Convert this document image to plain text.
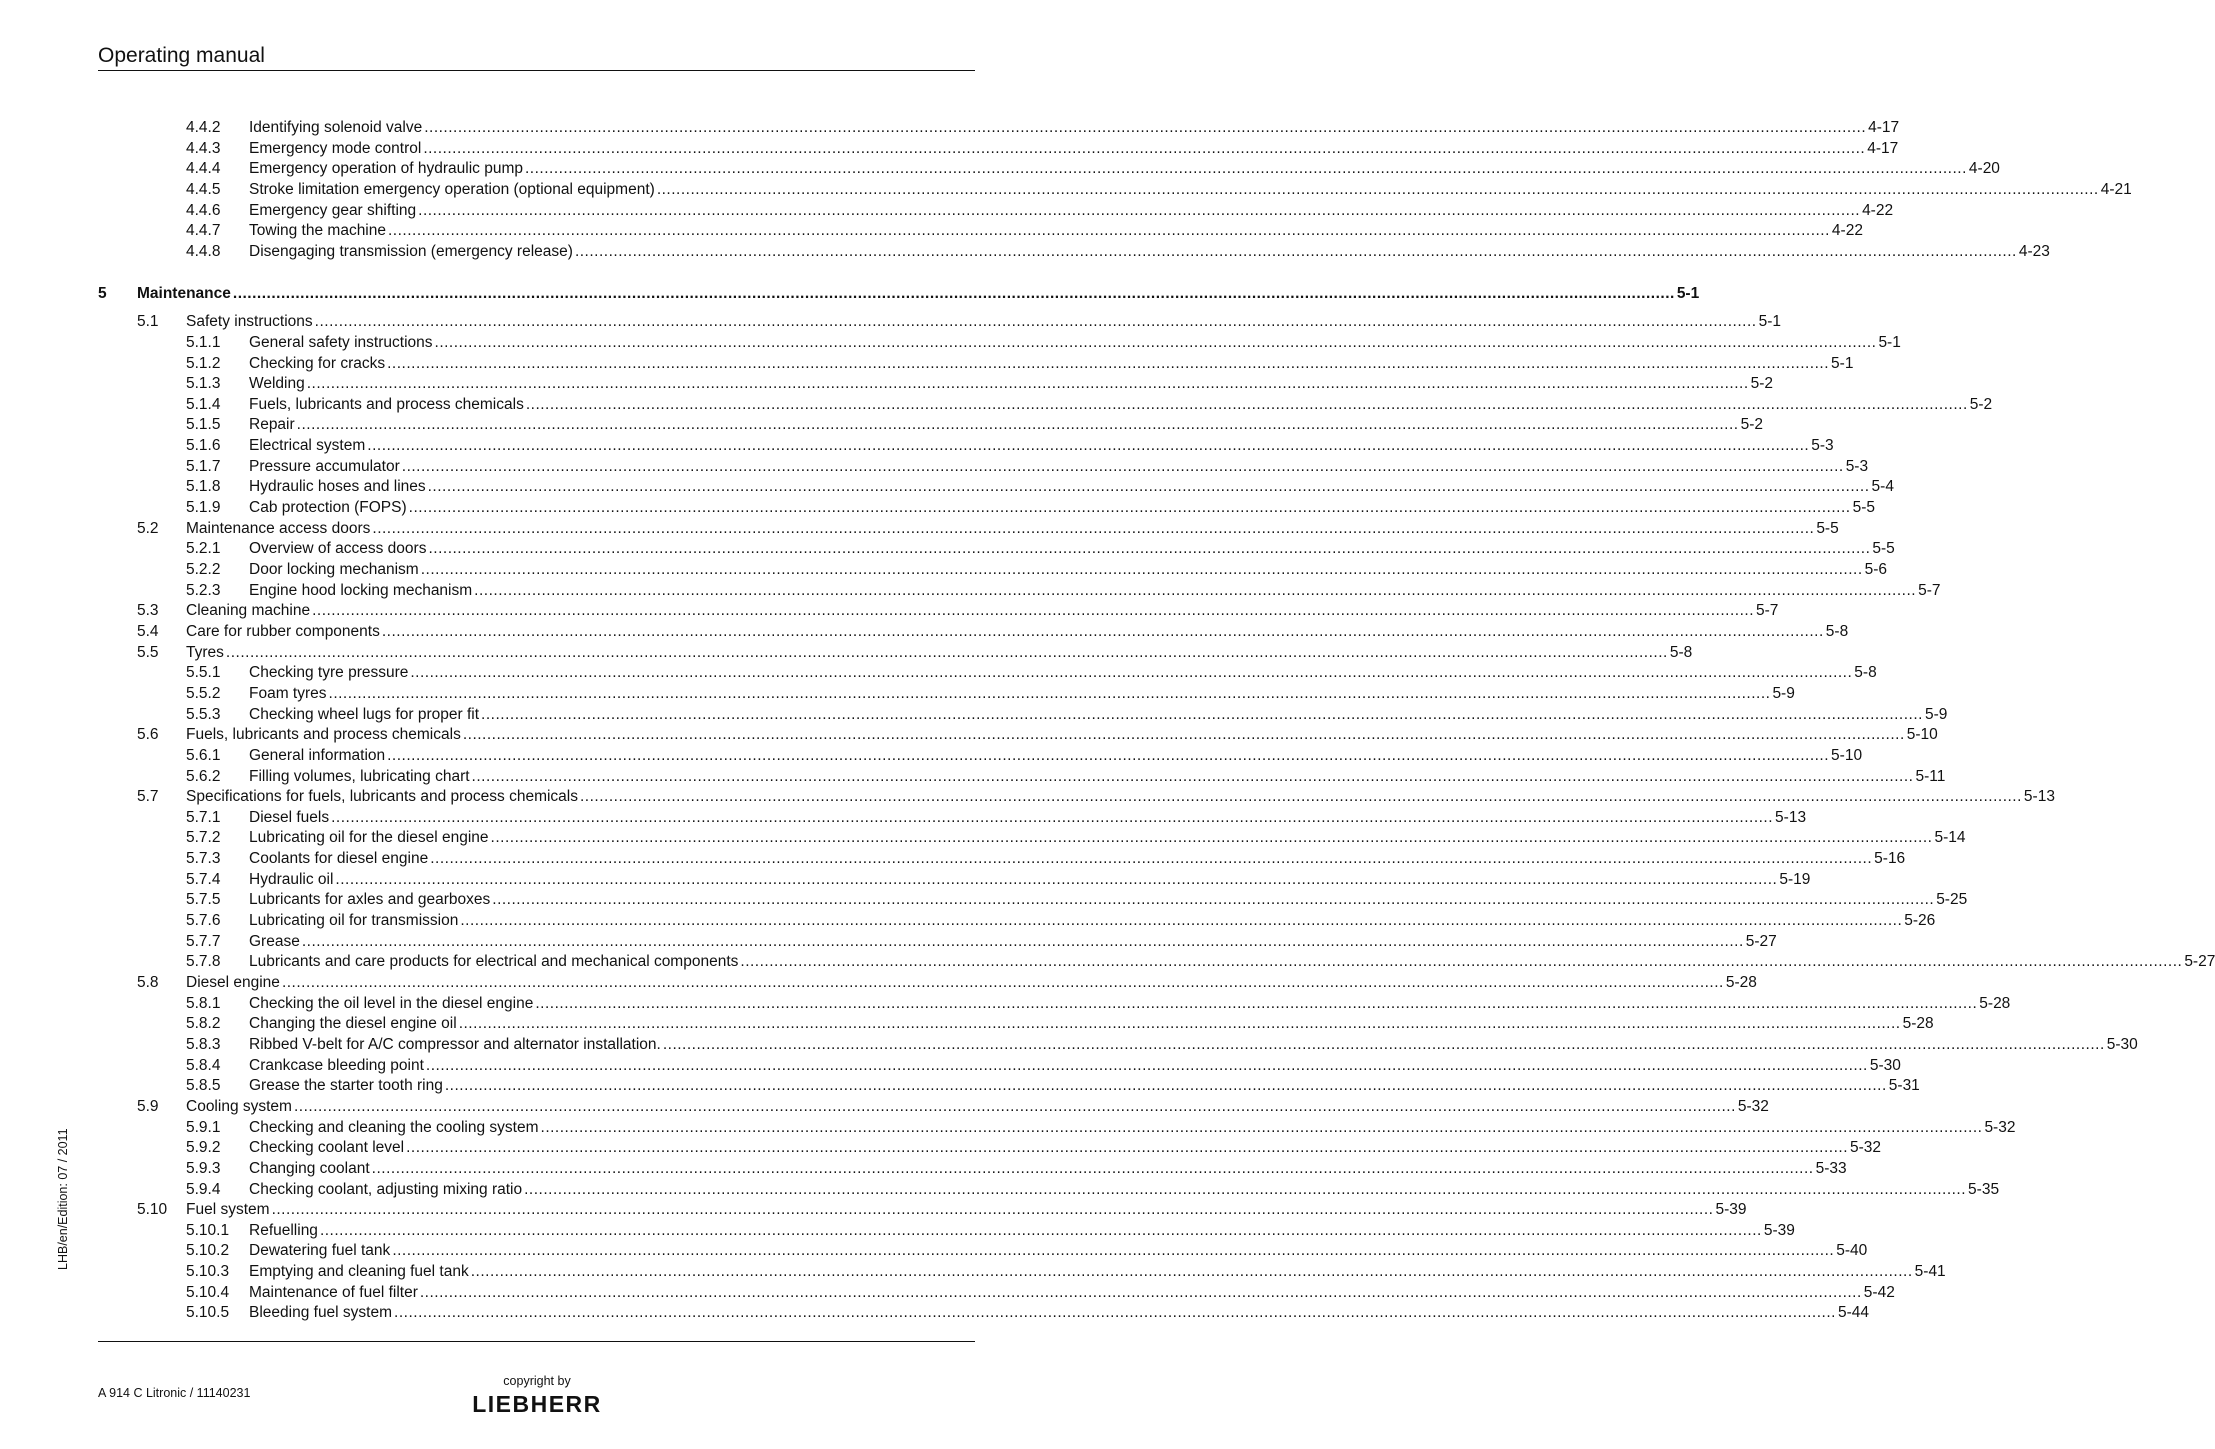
Operating manual
4.4.2 Identifying solenoid valve ............................................................................................................................................................................................................................................................................................................ 4-17
4.4.3 Emergency mode control ............................................................................................................................................................................................................................................................................................................ 4-17
4.4.4 Emergency operation of hydraulic pump ............................................................................................................................................................................................................................................................................................................ 4-20
4.4.5 Stroke limitation emergency operation (optional equipment) ............................................................................................................................................................................................................................................................................................................ 4-21
4.4.6 Emergency gear shifting ............................................................................................................................................................................................................................................................................................................ 4-22
4.4.7 Towing the machine ............................................................................................................................................................................................................................................................................................................ 4-22
4.4.8 Disengaging transmission (emergency release) ............................................................................................................................................................................................................................................................................................................ 4-23
5 Maintenance ............................................................................................................................................................................................................................................................................................................ 5-1
5.1 Safety instructions ............................................................................................................................................................................................................................................................................................................ 5-1
5.1.1 General safety instructions ............................................................................................................................................................................................................................................................................................................ 5-1
5.1.2 Checking for cracks ............................................................................................................................................................................................................................................................................................................ 5-1
5.1.3 Welding ............................................................................................................................................................................................................................................................................................................ 5-2
5.1.4 Fuels, lubricants and process chemicals ............................................................................................................................................................................................................................................................................................................ 5-2
5.1.5 Repair ............................................................................................................................................................................................................................................................................................................ 5-2
5.1.6 Electrical system ............................................................................................................................................................................................................................................................................................................ 5-3
5.1.7 Pressure accumulator ............................................................................................................................................................................................................................................................................................................ 5-3
5.1.8 Hydraulic hoses and lines ............................................................................................................................................................................................................................................................................................................ 5-4
5.1.9 Cab protection (FOPS) ............................................................................................................................................................................................................................................................................................................ 5-5
5.2 Maintenance access doors ............................................................................................................................................................................................................................................................................................................ 5-5
5.2.1 Overview of access doors ............................................................................................................................................................................................................................................................................................................ 5-5
5.2.2 Door locking mechanism ............................................................................................................................................................................................................................................................................................................ 5-6
5.2.3 Engine hood locking mechanism ............................................................................................................................................................................................................................................................................................................ 5-7
5.3 Cleaning machine ............................................................................................................................................................................................................................................................................................................ 5-7
5.4 Care for rubber components ............................................................................................................................................................................................................................................................................................................ 5-8
5.5 Tyres ............................................................................................................................................................................................................................................................................................................ 5-8
5.5.1 Checking tyre pressure ............................................................................................................................................................................................................................................................................................................ 5-8
5.5.2 Foam tyres ............................................................................................................................................................................................................................................................................................................ 5-9
5.5.3 Checking wheel lugs for proper fit ............................................................................................................................................................................................................................................................................................................ 5-9
5.6 Fuels, lubricants and process chemicals ............................................................................................................................................................................................................................................................................................................ 5-10
5.6.1 General information ............................................................................................................................................................................................................................................................................................................ 5-10
5.6.2 Filling volumes, lubricating chart ............................................................................................................................................................................................................................................................................................................ 5-11
5.7 Specifications for fuels, lubricants and process chemicals ............................................................................................................................................................................................................................................................................................................ 5-13
5.7.1 Diesel fuels ............................................................................................................................................................................................................................................................................................................ 5-13
5.7.2 Lubricating oil for the diesel engine ............................................................................................................................................................................................................................................................................................................ 5-14
5.7.3 Coolants for diesel engine ............................................................................................................................................................................................................................................................................................................ 5-16
5.7.4 Hydraulic oil ............................................................................................................................................................................................................................................................................................................ 5-19
5.7.5 Lubricants for axles and gearboxes ............................................................................................................................................................................................................................................................................................................ 5-25
5.7.6 Lubricating oil for transmission ............................................................................................................................................................................................................................................................................................................ 5-26
5.7.7 Grease ............................................................................................................................................................................................................................................................................................................ 5-27
5.7.8 Lubricants and care products for electrical and mechanical components ............................................................................................................................................................................................................................................................................................................ 5-27
5.8 Diesel engine ............................................................................................................................................................................................................................................................................................................ 5-28
5.8.1 Checking the oil level in the diesel engine ............................................................................................................................................................................................................................................................................................................ 5-28
5.8.2 Changing the diesel engine oil ............................................................................................................................................................................................................................................................................................................ 5-28
5.8.3 Ribbed V-belt for A/C compressor and alternator installation. ............................................................................................................................................................................................................................................................................................................ 5-30
5.8.4 Crankcase bleeding point ............................................................................................................................................................................................................................................................................................................ 5-30
5.8.5 Grease the starter tooth ring ............................................................................................................................................................................................................................................................................................................ 5-31
5.9 Cooling system ............................................................................................................................................................................................................................................................................................................ 5-32
5.9.1 Checking and cleaning the cooling system ............................................................................................................................................................................................................................................................................................................ 5-32
5.9.2 Checking coolant level ............................................................................................................................................................................................................................................................................................................ 5-32
5.9.3 Changing coolant ............................................................................................................................................................................................................................................................................................................ 5-33
5.9.4 Checking coolant, adjusting mixing ratio ............................................................................................................................................................................................................................................................................................................ 5-35
5.10 Fuel system ............................................................................................................................................................................................................................................................................................................ 5-39
5.10.1 Refuelling ............................................................................................................................................................................................................................................................................................................ 5-39
5.10.2 Dewatering fuel tank ............................................................................................................................................................................................................................................................................................................ 5-40
5.10.3 Emptying and cleaning fuel tank ............................................................................................................................................................................................................................................................................................................ 5-41
5.10.4 Maintenance of fuel filter ............................................................................................................................................................................................................................................................................................................ 5-42
5.10.5 Bleeding fuel system ............................................................................................................................................................................................................................................................................................................ 5-44
LHB/en/Edition: 07 / 2011
A 914 C Litronic / 11140231
copyright by
LIEBHERR
